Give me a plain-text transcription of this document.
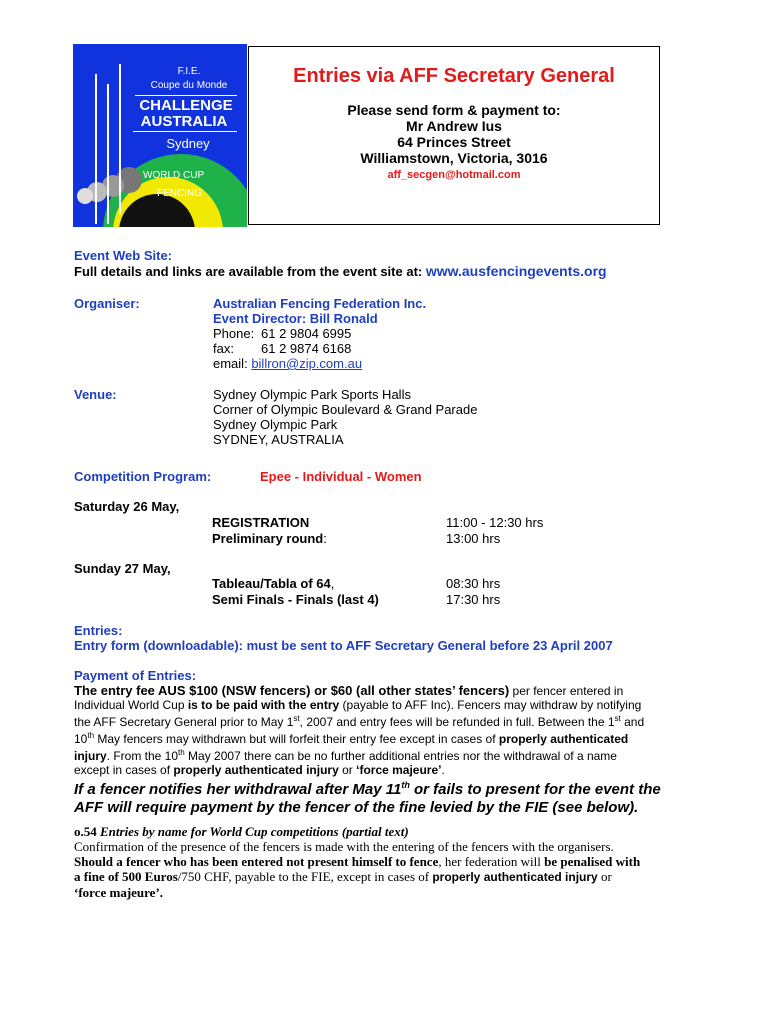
F.I.E.
Coupe du Monde
CHALLENGE
AUSTRALIA
Sydney
WORLD CUP
FENCING
Entries via AFF Secretary General
Please send form & payment to:
Mr Andrew Ius
64 Princes Street
Williamstown, Victoria, 3016
aff_secgen@hotmail.com
Event Web Site:
Full details and links are available from the event site at: www.ausfencingevents.org
Organiser:	Australian Fencing Federation Inc.
Event Director: Bill Ronald
Phone: 61 2 9804 6995
fax: 61 2 9874 6168
email: billron@zip.com.au
Venue:	Sydney Olympic Park Sports Halls
Corner of Olympic Boulevard & Grand Parade
Sydney Olympic Park
SYDNEY, AUSTRALIA
Competition Program:	Epee - Individual - Women
Saturday 26 May,
REGISTRATION	11:00 - 12:30 hrs
Preliminary round:	13:00 hrs
Sunday 27 May,
Tableau/Tabla of 64,	08:30 hrs
Semi Finals - Finals (last 4)	17:30 hrs
Entries:
Entry form (downloadable): must be sent to AFF Secretary General before 23 April 2007
Payment of Entries:
The entry fee AUS $100 (NSW fencers) or $60 (all other states’ fencers) per fencer entered in
Individual World Cup is to be paid with the entry (payable to AFF Inc). Fencers may withdraw by notifying
the AFF Secretary General prior to May 1st, 2007 and entry fees will be refunded in full. Between the 1st and
10th May fencers may withdrawn but will forfeit their entry fee except in cases of properly authenticated
injury. From the 10th May 2007 there can be no further additional entries nor the withdrawal of a name
except in cases of properly authenticated injury or ‘force majeure’.
If a fencer notifies her withdrawal after May 11th or fails to present for the event the
AFF will require payment by the fencer of the fine levied by the FIE (see below).
o.54 Entries by name for World Cup competitions (partial text)
Confirmation of the presence of the fencers is made with the entering of the fencers with the organisers.
Should a fencer who has been entered not present himself to fence, her federation will be penalised with
a fine of 500 Euros/750 CHF, payable to the FIE, except in cases of properly authenticated injury or
‘force majeure’.
